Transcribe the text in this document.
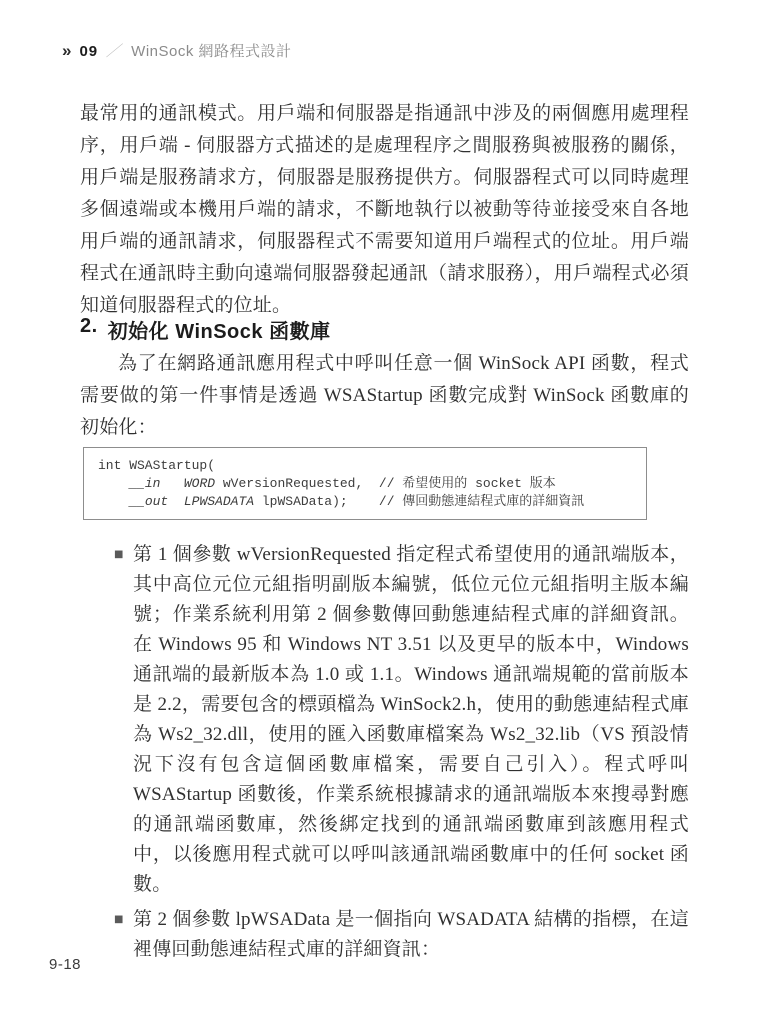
» 09 ／ WinSock 網路程式設計

最常用的通訊模式。用戶端和伺服器是指通訊中涉及的兩個應用處理程序，用戶端 - 伺服器方式描述的是處理程序之間服務與被服務的關係，用戶端是服務請求方，伺服器是服務提供方。伺服器程式可以同時處理多個遠端或本機用戶端的請求，不斷地執行以被動等待並接受來自各地用戶端的通訊請求，伺服器程式不需要知道用戶端程式的位址。用戶端程式在通訊時主動向遠端伺服器發起通訊（請求服務），用戶端程式必須知道伺服器程式的位址。

2. 初始化 WinSock 函數庫

為了在網路通訊應用程式中呼叫任意一個 WinSock API 函數，程式需要做的第一件事情是透過 WSAStartup 函數完成對 WinSock 函數庫的初始化：

int WSAStartup(
__in WORD wVersionRequested,  // 希望使用的 socket 版本
__out LPWSADATA lpWSAData);    // 傳回動態連結程式庫的詳細資訊
■ 第 1 個參數 wVersionRequested 指定程式希望使用的通訊端版本，其中高位元位元組指明副版本編號，低位元位元組指明主版本編號；作業系統利用第 2 個參數傳回動態連結程式庫的詳細資訊。在 Windows 95 和 Windows NT 3.51 以及更早的版本中，Windows 通訊端的最新版本為 1.0 或 1.1。Windows 通訊端規範的當前版本是 2.2，需要包含的標頭檔為 WinSock2.h，使用的動態連結程式庫為 Ws2_32.dll，使用的匯入函數庫檔案為 Ws2_32.lib（VS 預設情況下沒有包含這個函數庫檔案，需要自己引入）。程式呼叫 WSAStartup 函數後，作業系統根據請求的通訊端版本來搜尋對應的通訊端函數庫，然後綁定找到的通訊端函數庫到該應用程式中，以後應用程式就可以呼叫該通訊端函數庫中的任何 socket 函數。
■ 第 2 個參數 lpWSAData 是一個指向 WSADATA 結構的指標，在這裡傳回動態連結程式庫的詳細資訊：
9-18
